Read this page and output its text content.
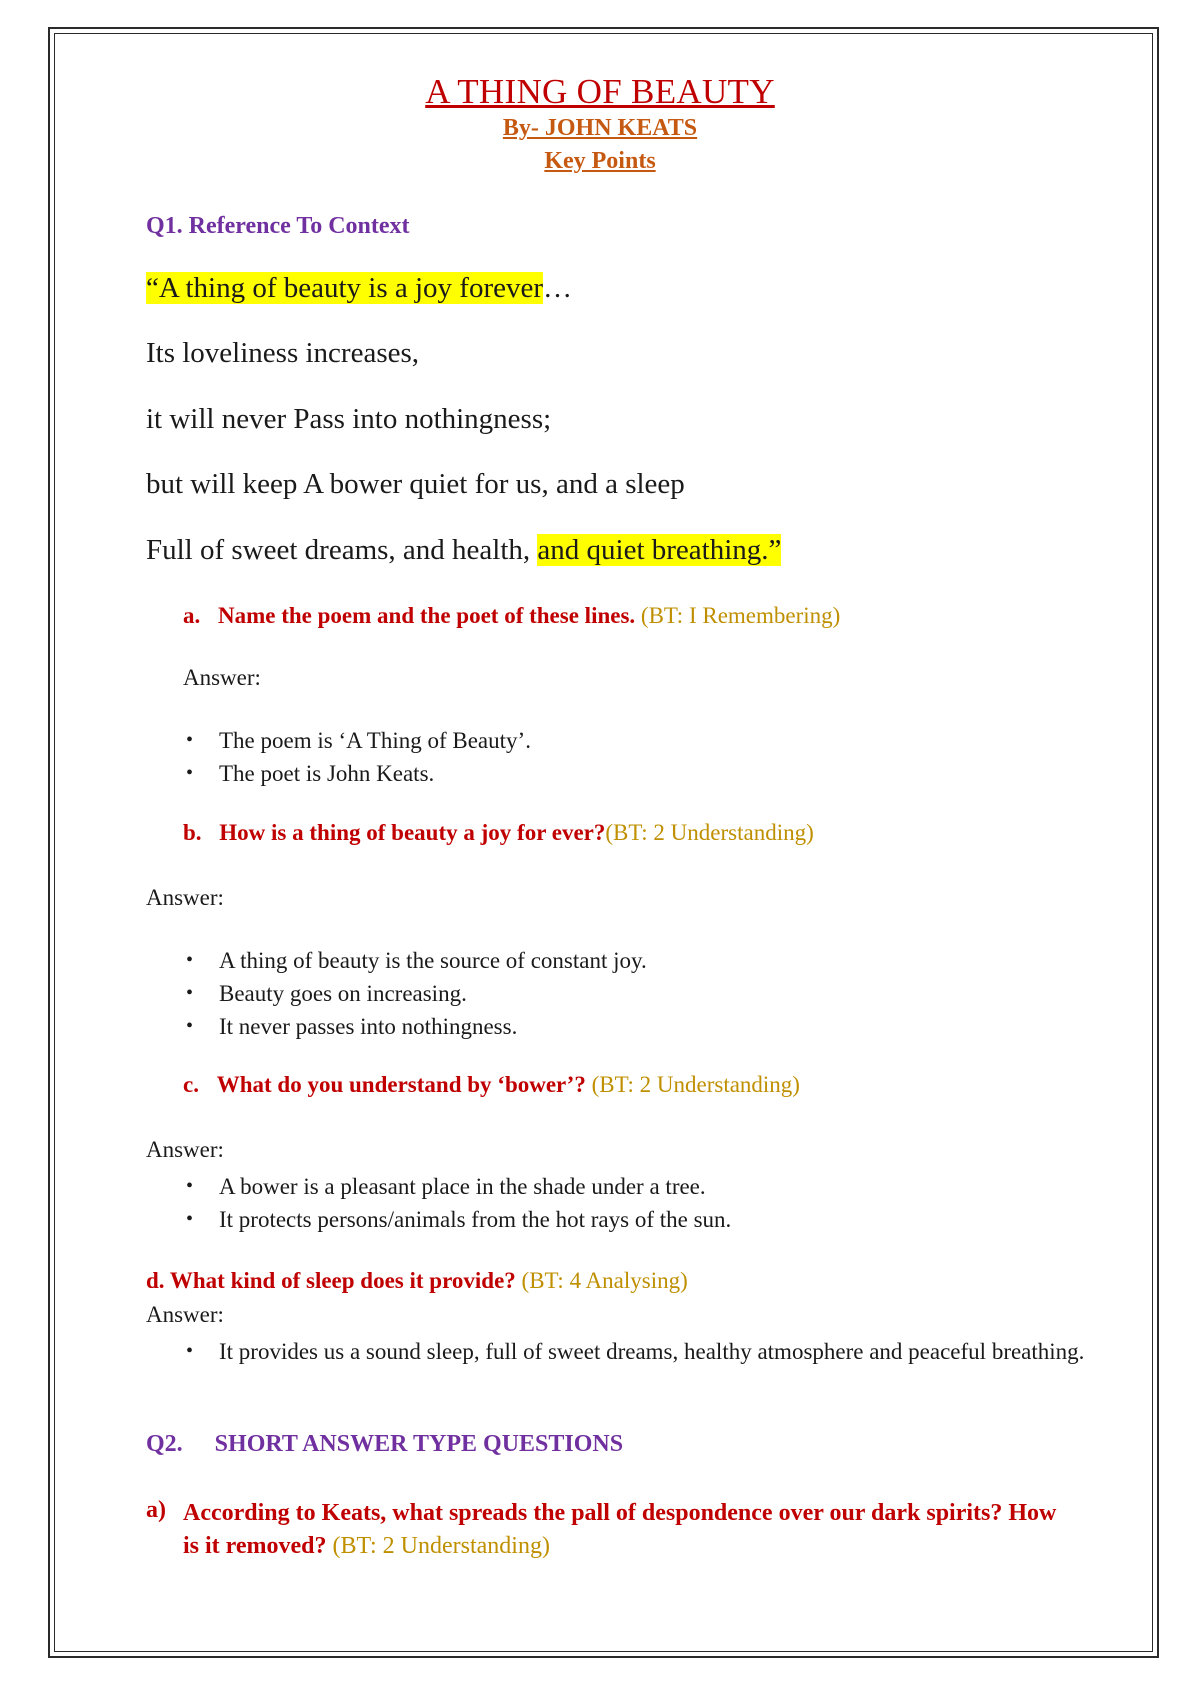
A THING OF BEAUTY
By- JOHN KEATS
Key Points
Q1. Reference To Context
“A thing of beauty is a joy forever…
Its loveliness increases,
it will never Pass into nothingness;
but will keep A bower quiet for us, and a sleep
Full of sweet dreams, and health, and quiet breathing.”
a. Name the poem and the poet of these lines. (BT: I Remembering)
Answer:
• The poem is ‘A Thing of Beauty’.
• The poet is John Keats.
b. How is a thing of beauty a joy for ever?(BT: 2 Understanding)
Answer:
• A thing of beauty is the source of constant joy.
• Beauty goes on increasing.
• It never passes into nothingness.
c. What do you understand by ‘bower’? (BT: 2 Understanding)
Answer:
• A bower is a pleasant place in the shade under a tree.
• It protects persons/animals from the hot rays of the sun.
d. What kind of sleep does it provide? (BT: 4 Analysing)
Answer:
• It provides us a sound sleep, full of sweet dreams, healthy atmosphere and peaceful breathing.
Q2. SHORT ANSWER TYPE QUESTIONS
a) According to Keats, what spreads the pall of despondence over our dark spirits? How is it removed? (BT: 2 Understanding)
